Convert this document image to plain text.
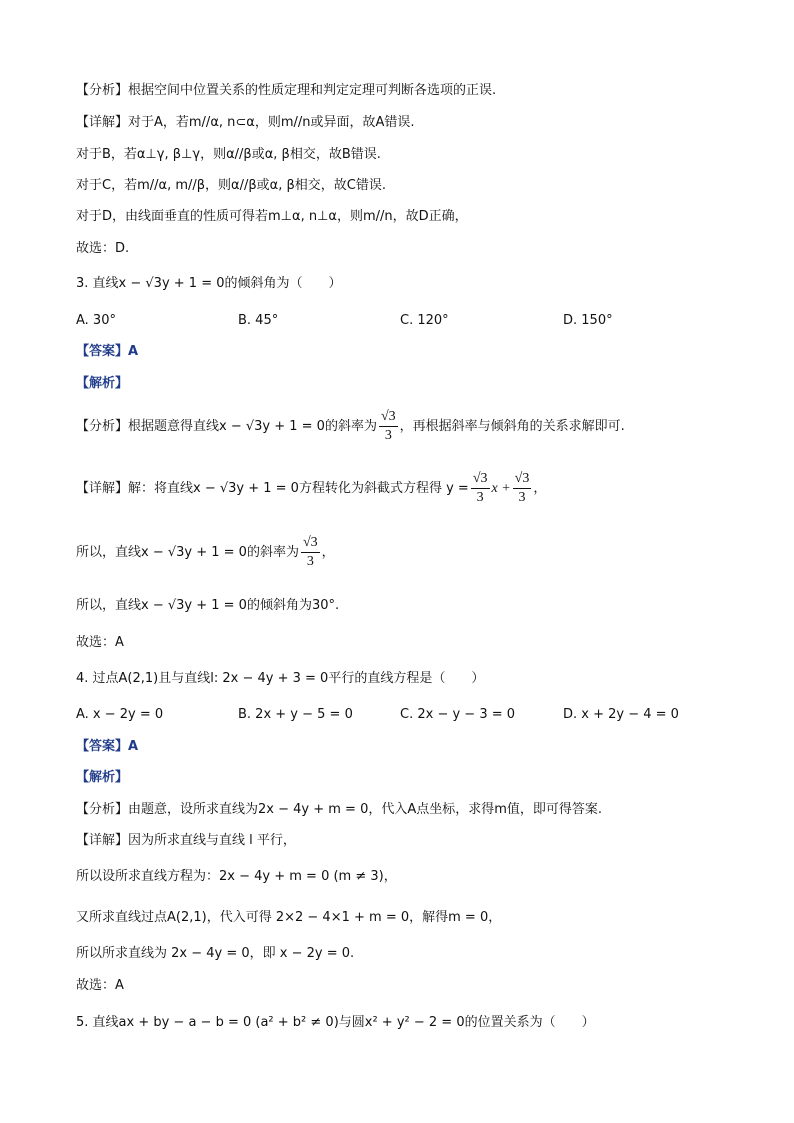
【分析】根据空间中位置关系的性质定理和判定定理可判断各选项的正误.
【详解】对于A，若m//α, n⊂α，则m//n或异面，故A错误.
对于B，若α⊥γ, β⊥γ，则α//β或α, β相交，故B错误.
对于C，若m//α, m//β，则α//β或α, β相交，故C错误.
对于D，由线面垂直的性质可得若m⊥α, n⊥α，则m//n，故D正确，
故选：D.
3. 直线x − √3y + 1 = 0的倾斜角为（　　）
A. 30°	B. 45°	C. 120°	D. 150°
【答案】A
【解析】
【分析】根据题意得直线x − √3y + 1 = 0的斜率为 $\frac{√3}{3}$ ，再根据斜率与倾斜角的关系求解即可.
【详解】解：将直线x − √3y + 1 = 0方程转化为斜截式方程得 $y = \frac{√3}{3}$ $x + \frac{√3}{3}$ ，
所以，直线x − √3y + 1 = 0的斜率为 $\frac{√3}{3}$ ，
所以，直线x − √3y + 1 = 0的倾斜角为30°.
故选：A
4. 过点A(2,1)且与直线l: 2x − 4y + 3 = 0平行的直线方程是（　　）
A. x − 2y = 0	B. 2x + y − 5 = 0	C. 2x − y − 3 = 0	D. x + 2y − 4 = 0
【答案】A
【解析】
【分析】由题意，设所求直线为2x − 4y + m = 0，代入A点坐标，求得m值，即可得答案.
【详解】因为所求直线与直线 l 平行，
所以设所求直线方程为：2x − 4y + m = 0 (m ≠ 3)，
又所求直线过点A(2,1)，代入可得 2×2 − 4×1 + m = 0，解得m = 0，
所以所求直线为 2x − 4y = 0，即 x − 2y = 0.
故选：A
5. 直线ax + by − a − b = 0 (a² + b² ≠ 0)与圆x² + y² − 2 = 0的位置关系为（　　）
